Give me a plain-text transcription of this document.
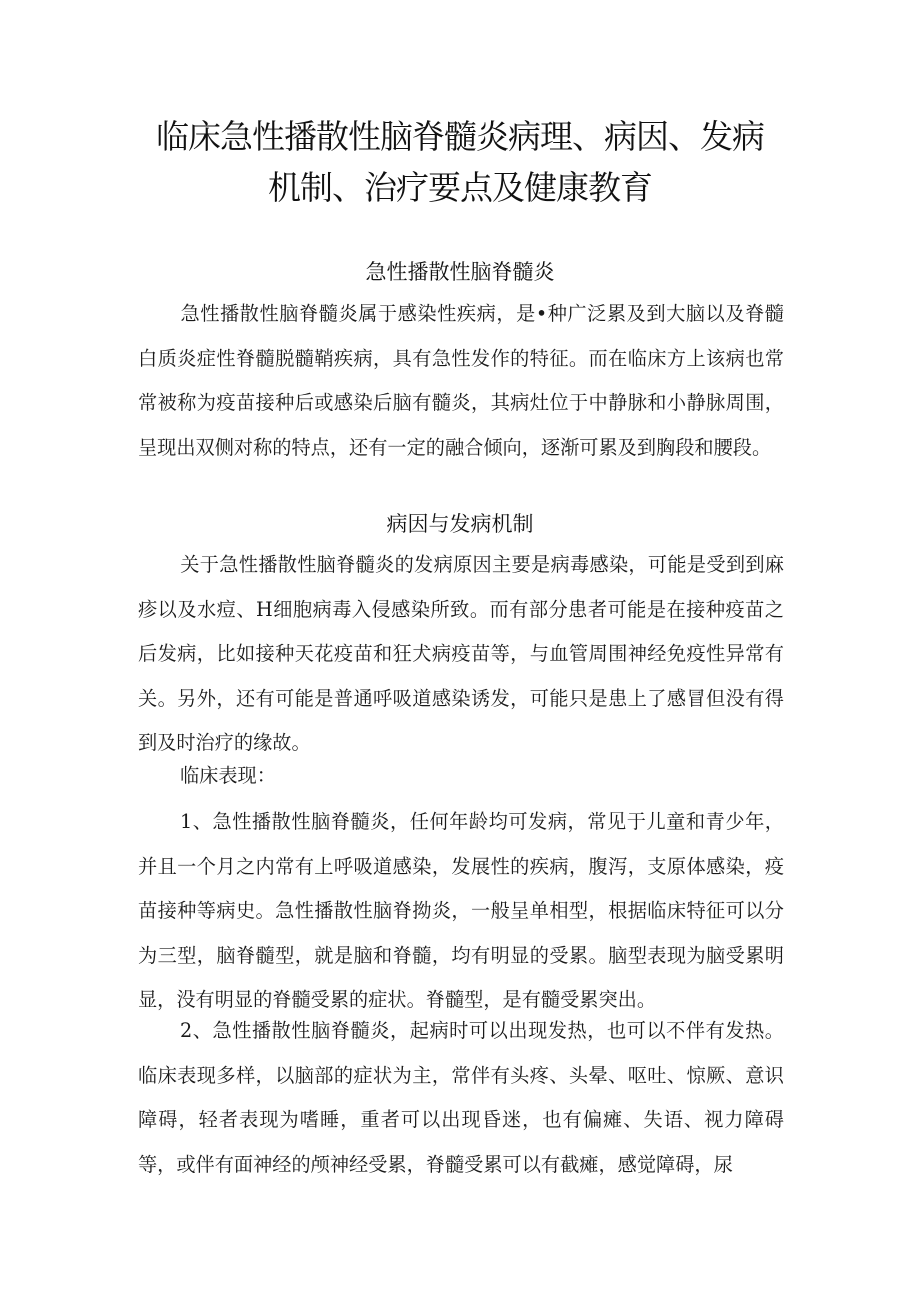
临床急性播散性脑脊髓炎病理、病因、发病
机制、治疗要点及健康教育
急性播散性脑脊髓炎

急性播散性脑脊髓炎属于感染性疾病，是•种广泛累及到大脑以及脊髓白质炎症性脊髓脱髓鞘疾病，具有急性发作的特征。而在临床方上该病也常常被称为疫苗接种后或感染后脑有髓炎，其病灶位于中静脉和小静脉周围，呈现出双侧对称的特点，还有一定的融合倾向，逐渐可累及到胸段和腰段。

病因与发病机制

关于急性播散性脑脊髓炎的发病原因主要是病毒感染，可能是受到到麻疹以及水痘、H细胞病毒入侵感染所致。而有部分患者可能是在接种疫苗之后发病，比如接种天花疫苗和狂犬病疫苗等，与血管周围神经免疫性异常有关。另外，还有可能是普通呼吸道感染诱发，可能只是患上了感冒但没有得到及时治疗的缘故。

临床表现：

1、急性播散性脑脊髓炎，任何年龄均可发病，常见于儿童和青少年，并且一个月之内常有上呼吸道感染，发展性的疾病，腹泻，支原体感染，疫苗接种等病史。急性播散性脑脊拗炎，一般呈单相型，根据临床特征可以分为三型，脑脊髓型，就是脑和脊髓，均有明显的受累。脑型表现为脑受累明显，没有明显的脊髓受累的症状。脊髓型，是有髓受累突出。

2、急性播散性脑脊髓炎，起病时可以出现发热，也可以不伴有发热。临床表现多样，以脑部的症状为主，常伴有头疼、头晕、呕吐、惊厥、意识障碍，轻者表现为嗜睡，重者可以出现昏迷，也有偏瘫、失语、视力障碍等，或伴有面神经的颅神经受累，脊髓受累可以有截瘫，感觉障碍，尿
